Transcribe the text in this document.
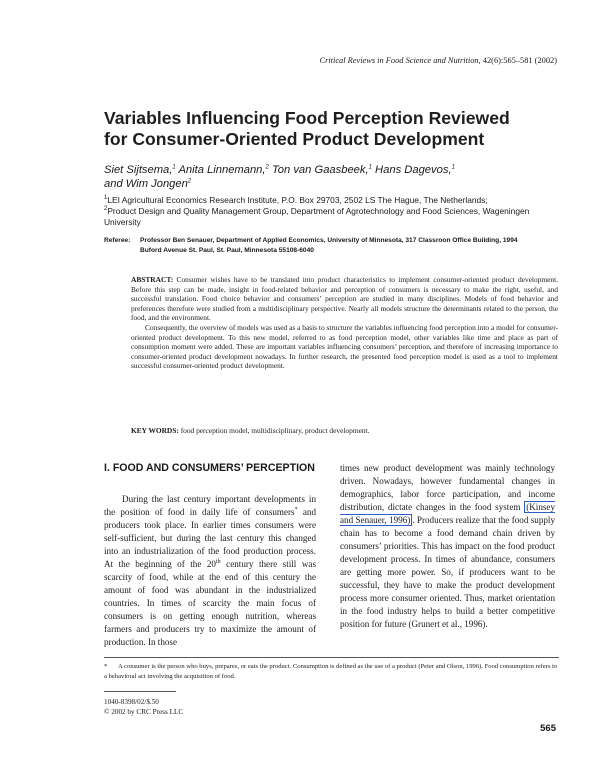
Critical Reviews in Food Science and Nutrition, 42(6):565–581 (2002)
Variables Influencing Food Perception Reviewed
for Consumer-Oriented Product Development
Siet Sijtsema,$^1$ Anita Linnemann,$^2$ Ton van Gaasbeek,$^1$ Hans Dagevos,$^1$
and Wim Jongen$^2$
$^1$LEI Agricultural Economics Research Institute, P.O. Box 29703, 2502 LS The Hague, The Netherlands;
$^2$Product Design and Quality Management Group, Department of Agrotechnology and Food Sciences, Wageningen University
Referee: Professor Ben Senauer, Department of Applied Economics, University of Minnesota, 317 Classroon Office Building, 1994
Buford Avenue St. Paul, St. Paul, Minnesota 55108-6040

ABSTRACT: Consumer wishes have to be translated into product characteristics to implement consumer-oriented product development. Before this step can be made, insight in food-related behavior and perception of consumers is necessary to make the right, useful, and successful translation. Food choice behavior and consumers’ perception are studied in many disciplines. Models of food behavior and preferences therefore were studied from a multidisciplinary perspective. Nearly all models structure the determinants related to the person, the food, and the environment.

Consequently, the overview of models was used as a basis to structure the variables influencing food perception into a model for consumer-oriented product development. To this new model, referred to as food perception model, other variables like time and place as part of consumption moment were added. These are important variables influencing consumers’ perception, and therefore of increasing importance to consumer-oriented product development nowadays. In further research, the presented food perception model is used as a tool to implement successful consumer-oriented product development.

KEY WORDS: food perception model, multidisciplinary, product development.
I. FOOD AND CONSUMERS’ PERCEPTION

During the last century important developments in the position of food in daily life of consumers* and producers took place. In earlier times consumers were self-sufficient, but during the last century this changed into an industrialization of the food production process. At the beginning of the 20th century there still was scarcity of food, while at the end of this century the amount of food was abundant in the industrialized countries. In times of scarcity the main focus of consumers is on getting enough nutrition, whereas farmers and producers try to maximize the amount of production. In those

times new product development was mainly technology driven. Nowadays, however fundamental changes in demographics, labor force participation, and income distribution, dictate changes in the food system (Kinsey and Senauer, 1996) . Producers realize that the food supply chain has to become a food demand chain driven by consumers’ priorities. This has impact on the food product development process. In times of abundance, consumers are getting more power. So, if producers want to be successful, they have to make the product development process more consumer oriented. Thus, market orientation in the food industry helps to build a better competitive position for future (Grunert et al., 1996).

* A consumer is the person who buys, prepares, or eats the product. Consumption is defined as the use of a product (Peter and Olson, 1996). Food consumption refers to a behavioral act involving the acquisition of food.
1040-8398/02/$.50
© 2002 by CRC Press LLC
565
